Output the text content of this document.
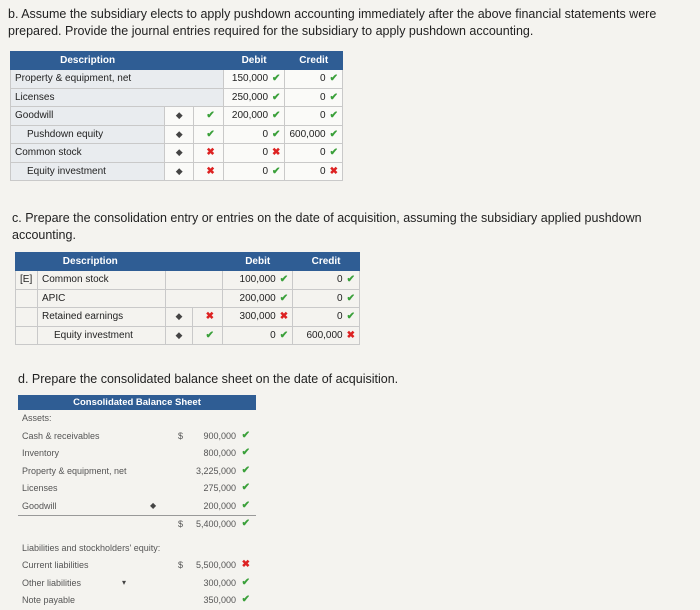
b. Assume the subsidiary elects to apply pushdown accounting immediately after the above financial statements were prepared. Provide the journal entries required for the subsidiary to apply pushdown accounting.
Description			Debit	Credit
Property & equipment, net			150,000 ✔	0 ✔
Licenses			250,000 ✔	0 ✔
Goodwill	◆	✔	200,000 ✔	0 ✔
Pushdown equity	◆	✔	0 ✔	600,000 ✔
Common stock	◆	✖	0 ✖	0 ✔
Equity investment	◆	✖	0 ✔	0 ✖
c. Prepare the consolidation entry or entries on the date of acquisition, assuming the subsidiary applied pushdown accounting.
Description				Debit	Credit
[E]	Common stock			100,000 ✔	0 ✔
	APIC			200,000 ✔	0 ✔
	Retained earnings	◆	✖	300,000 ✖	0 ✔
	Equity investment	◆	✔	0 ✔	600,000 ✖
d. Prepare the consolidated balance sheet on the date of acquisition.
Consolidated Balance Sheet
Assets:
Cash & receivables	$ 900,000 ✔
Inventory	800,000 ✔
Property & equipment, net	3,225,000 ✔
Licenses	275,000 ✔
Goodwill	◆	200,000 ✔
$ 5,400,000 ✔
Liabilities and stockholders' equity:
Current liabilities	$ 5,500,000 ✖
Other liabilities	▾	300,000 ✔
Note payable	350,000 ✔
